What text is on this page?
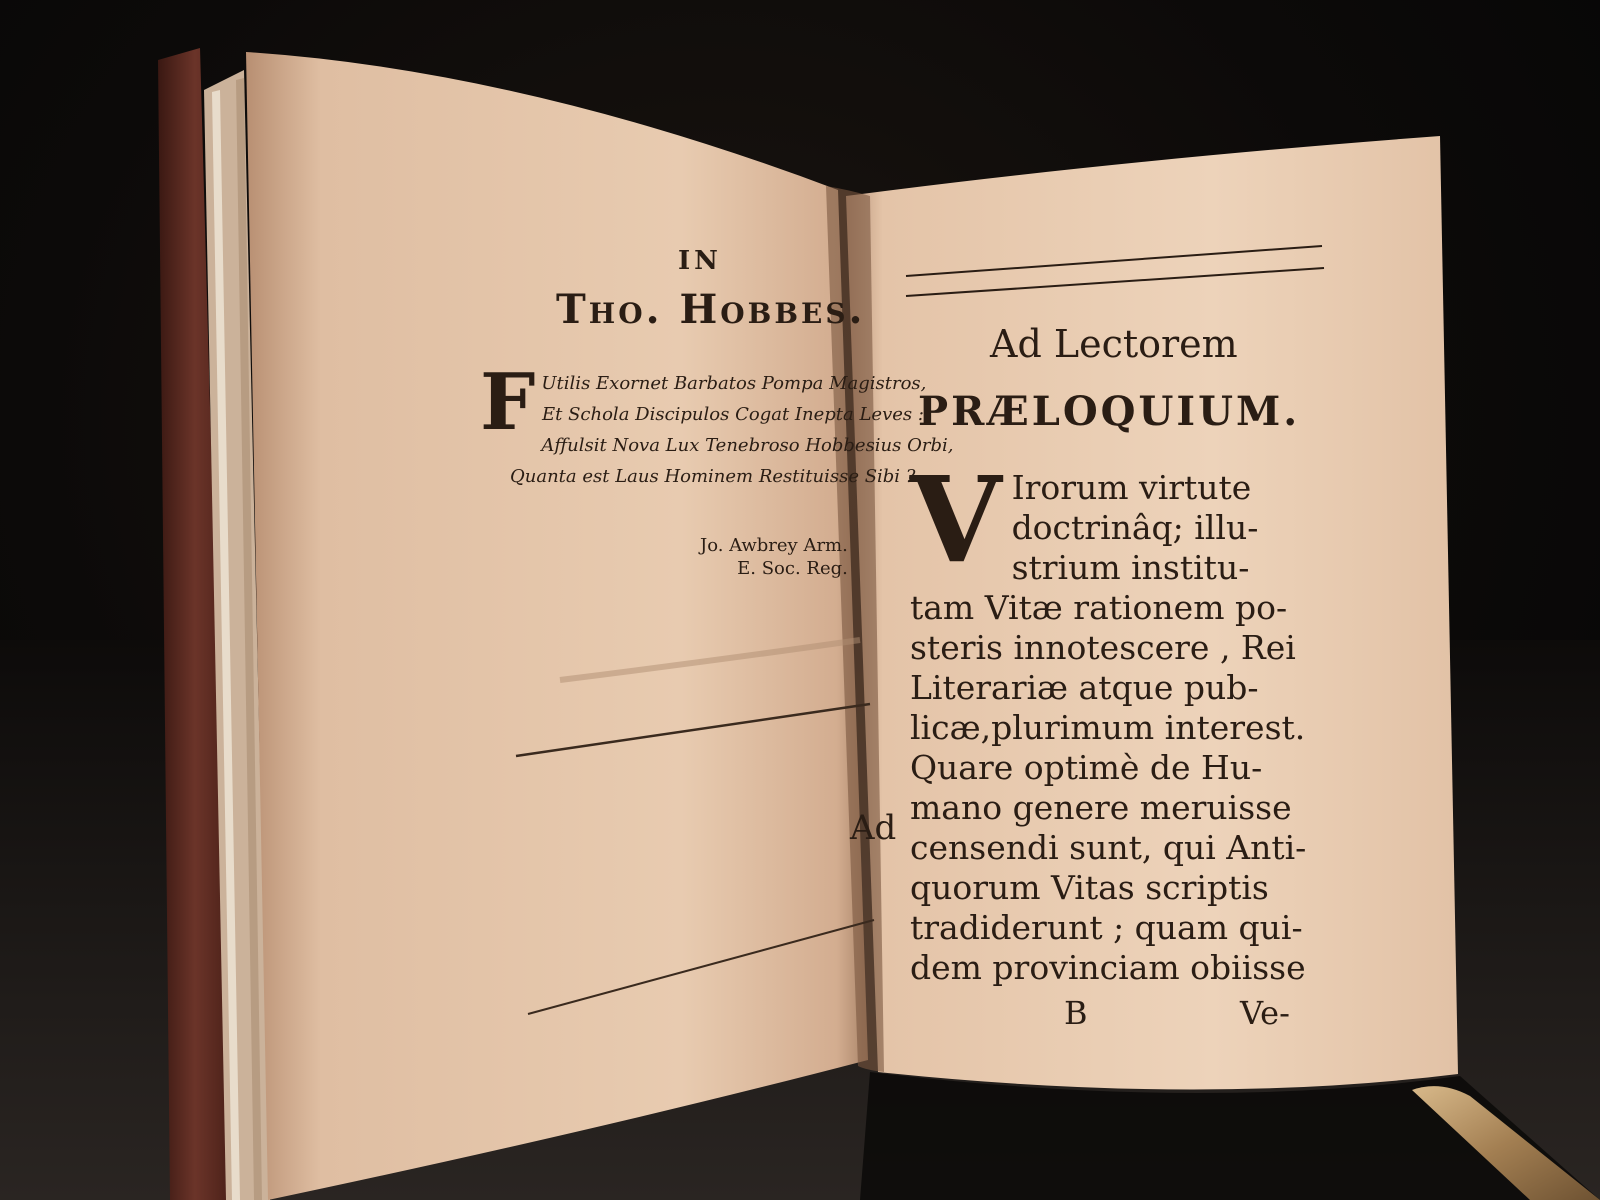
IN
Tho. Hobbes.
F Utilis Exornet Barbatos Pompa Magistros,
Et Schola Discipulos Cogat Inepta Leves :
Affulsit Nova Lux Tenebroso Hobbesius Orbi,
Quanta est Laus Hominem Restituisse Sibi ?
Jo. Awbrey Arm.
E. Soc. Reg.
Ad
Ad Lectorem
PRÆLOQUIUM.
V Irorum virtute
doctrinâq; illu-
strium institu-
tam Vitæ rationem po-
steris innotescere , Rei
Literariæ atque pub-
licæ,plurimum interest.
Quare optimè de Hu-
mano genere meruisse
censendi sunt, qui Anti-
quorum Vitas scriptis
tradiderunt ; quam qui-
dem provinciam obiisse
B	Ve-
